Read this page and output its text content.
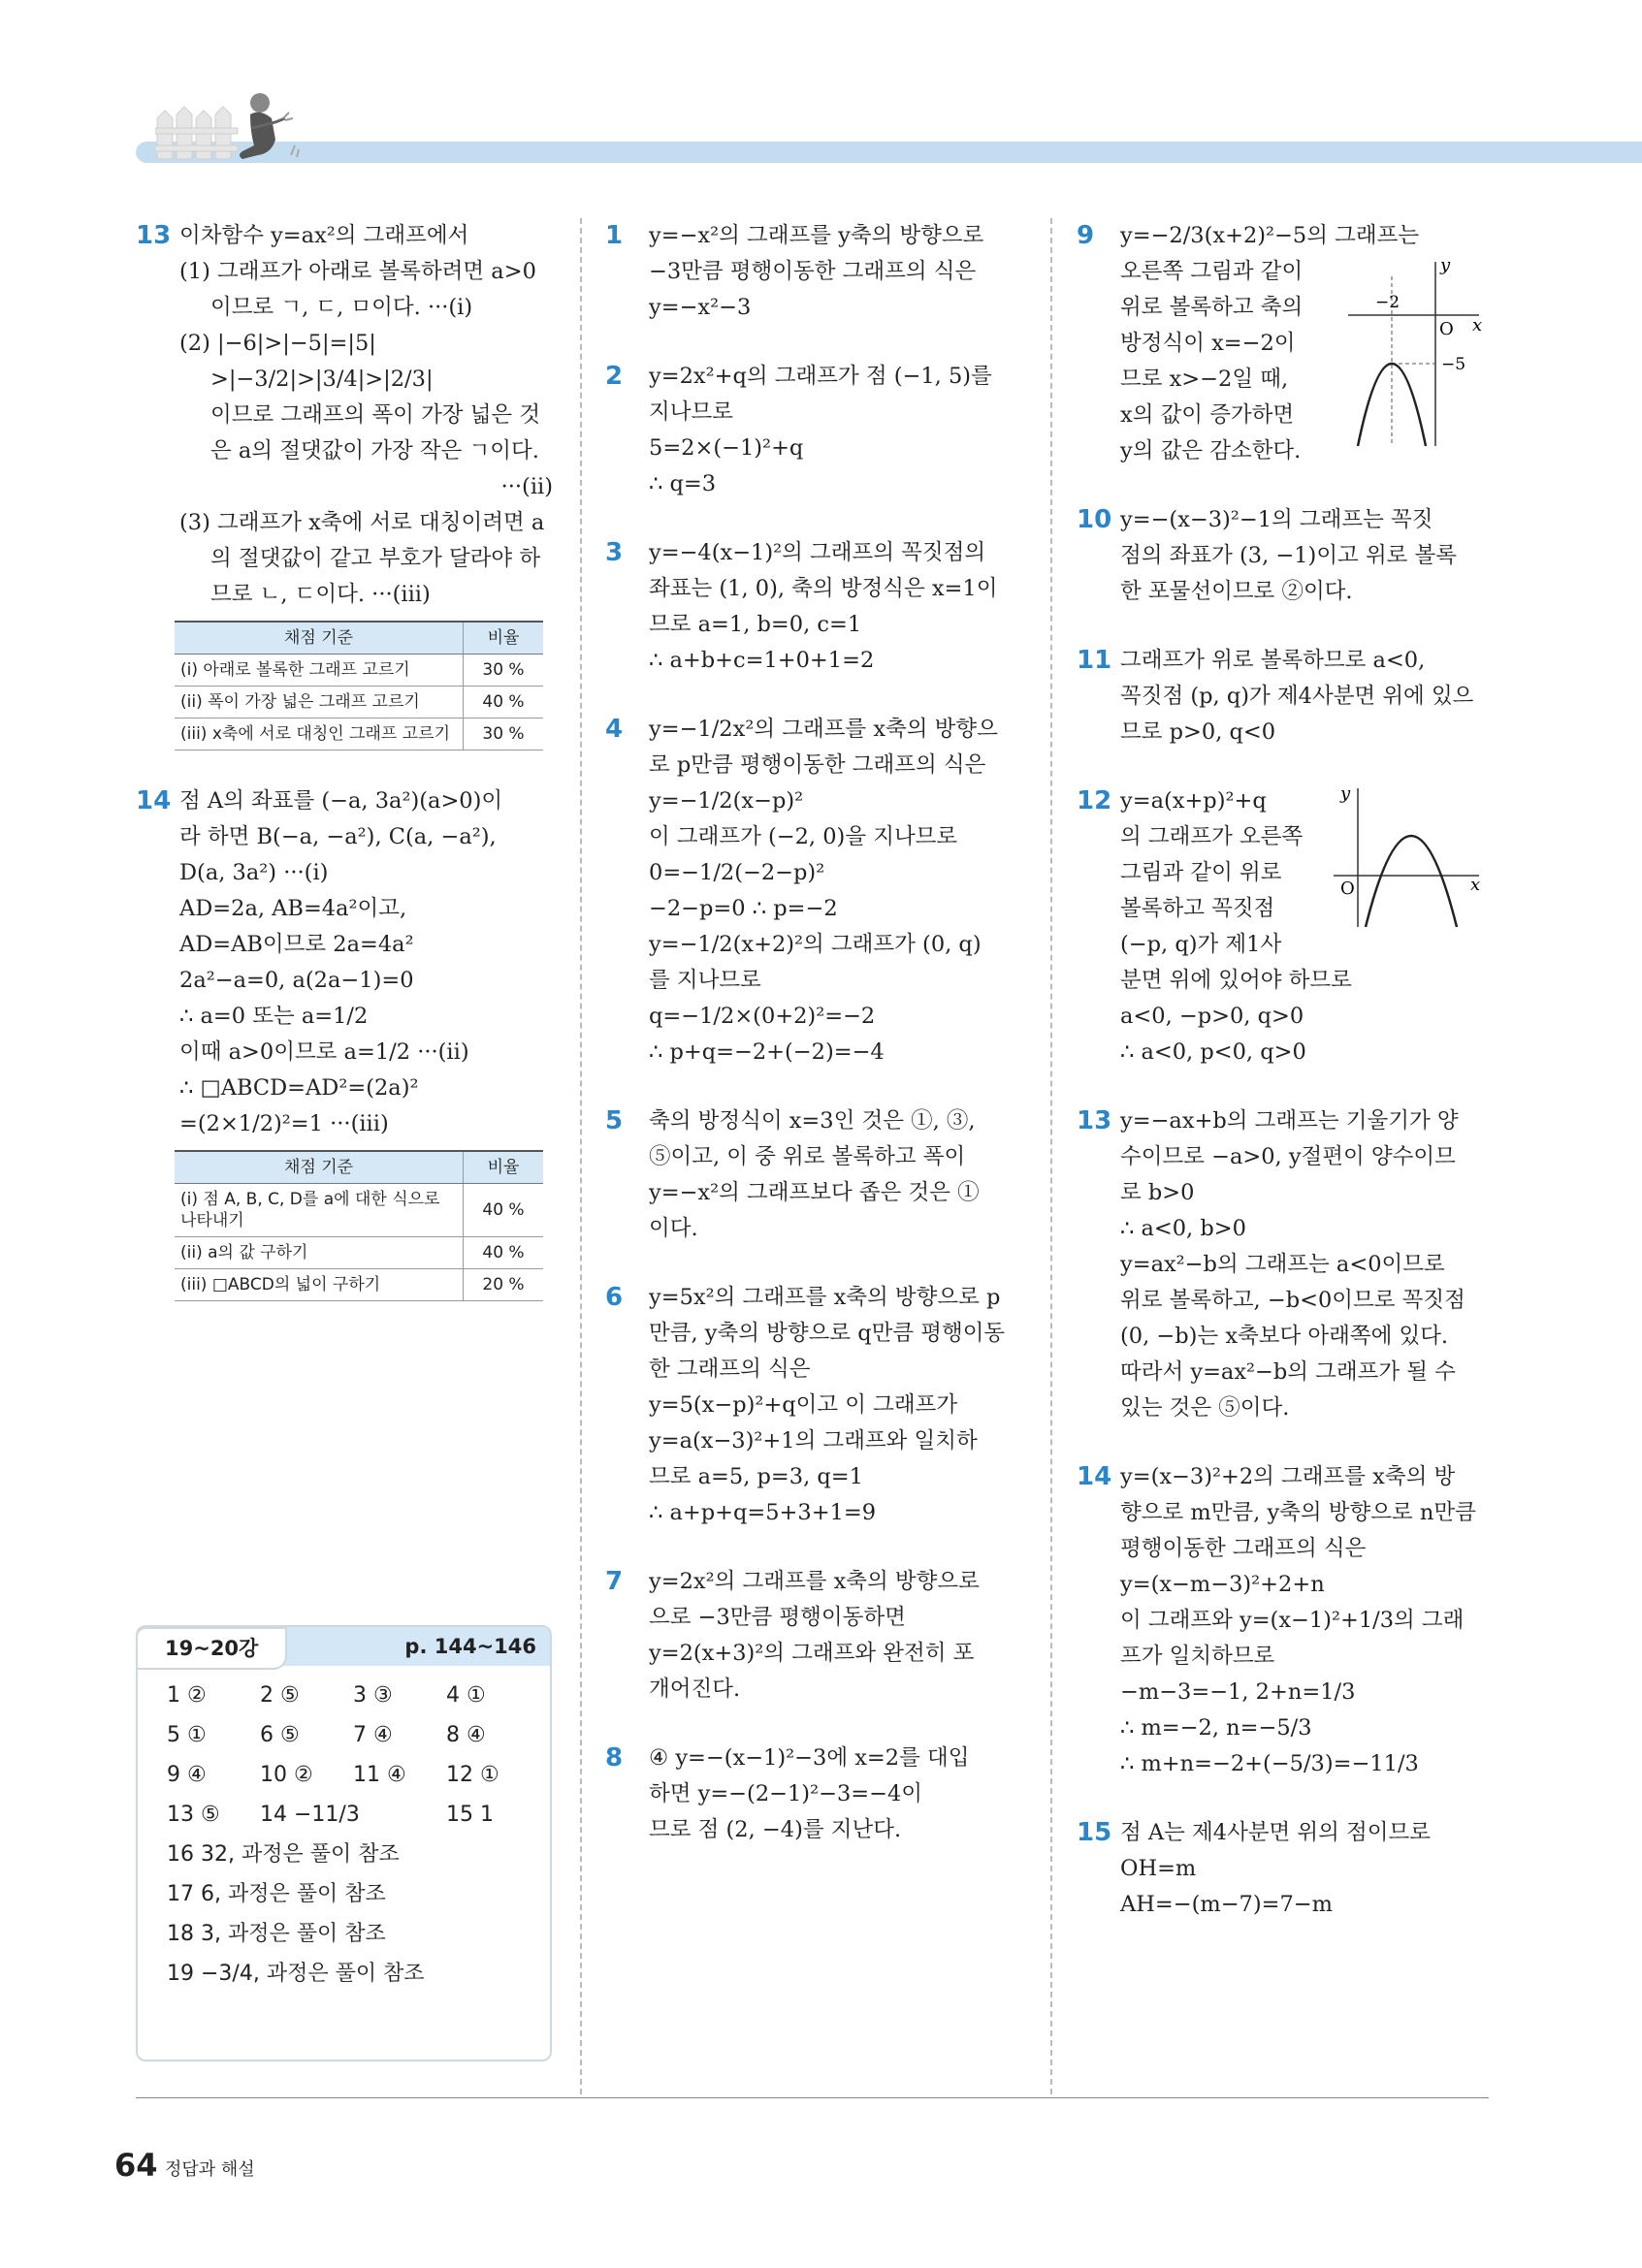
13 이차함수 y=ax²의 그래프에서
(1) 그래프가 아래로 볼록하려면 a>0
이므로 ㄱ, ㄷ, ㅁ이다. ···(i)
(2) |−6|>|−5|=|5|
>|−3/2|>|3/4|>|2/3|
이므로 그래프의 폭이 가장 넓은 것
은 a의 절댓값이 가장 작은 ㄱ이다.
···(ii)
(3) 그래프가 x축에 서로 대칭이려면 a
의 절댓값이 같고 부호가 달라야 하
므로 ㄴ, ㄷ이다. ···(iii)
채점 기준	비율
(i) 아래로 볼록한 그래프 고르기	30 %
(ii) 폭이 가장 넓은 그래프 고르기	40 %
(iii) x축에 서로 대칭인 그래프 고르기	30 %
14 점 A의 좌표를 (−a, 3a²)(a>0)이
라 하면 B(−a, −a²), C(a, −a²),
D(a, 3a²) ···(i)
AD=2a, AB=4a²이고,
AD=AB이므로 2a=4a²
2a²−a=0, a(2a−1)=0
∴ a=0 또는 a=1/2
이때 a>0이므로 a=1/2 ···(ii)
∴ □ABCD=AD²=(2a)²
=(2×1/2)²=1 ···(iii)
채점 기준	비율
(i) 점 A, B, C, D를 a에 대한 식으로 나타내기	40 %
(ii) a의 값 구하기	40 %
(iii) □ABCD의 넓이 구하기	20 %
19~20강	p. 144~146
1 ②	2 ⑤	3 ③	4 ①
5 ①	6 ⑤	7 ④	8 ④
9 ④	10 ② 11 ④ 12 ①
13 ⑤ 14 −11/3	15 1
16 32, 과정은 풀이 참조
17 6, 과정은 풀이 참조
18 3, 과정은 풀이 참조
19 −3/4, 과정은 풀이 참조
1 y=−x²의 그래프를 y축의 방향으로
−3만큼 평행이동한 그래프의 식은
y=−x²−3
2 y=2x²+q의 그래프가 점 (−1, 5)를
지나므로
5=2×(−1)²+q
∴ q=3
3 y=−4(x−1)²의 그래프의 꼭짓점의
좌표는 (1, 0), 축의 방정식은 x=1이
므로 a=1, b=0, c=1
∴ a+b+c=1+0+1=2
4 y=−1/2x²의 그래프를 x축의 방향으
로 p만큼 평행이동한 그래프의 식은
y=−1/2(x−p)²
이 그래프가 (−2, 0)을 지나므로
0=−1/2(−2−p)²
−2−p=0 ∴ p=−2
y=−1/2(x+2)²의 그래프가 (0, q)
를 지나므로
q=−1/2×(0+2)²=−2
∴ p+q=−2+(−2)=−4
5 축의 방정식이 x=3인 것은 ①, ③,
⑤이고, 이 중 위로 볼록하고 폭이
y=−x²의 그래프보다 좁은 것은 ①
이다.
6 y=5x²의 그래프를 x축의 방향으로 p
만큼, y축의 방향으로 q만큼 평행이동
한 그래프의 식은
y=5(x−p)²+q이고 이 그래프가
y=a(x−3)²+1의 그래프와 일치하
므로 a=5, p=3, q=1
∴ a+p+q=5+3+1=9
7 y=2x²의 그래프를 x축의 방향으로
으로 −3만큼 평행이동하면
y=2(x+3)²의 그래프와 완전히 포
개어진다.
8 ④ y=−(x−1)²−3에 x=2를 대입
하면 y=−(2−1)²−3=−4이
므로 점 (2, −4)를 지난다.
9 y=−2/3(x+2)²−5의 그래프는
오른쪽 그림과 같이
위로 볼록하고 축의
방정식이 x=−2이
므로 x>−2일 때,
x의 값이 증가하면
y의 값은 감소한다.
x
y
O
−2
−5
10 y=−(x−3)²−1의 그래프는 꼭짓
점의 좌표가 (3, −1)이고 위로 볼록
한 포물선이므로 ②이다.
11 그래프가 위로 볼록하므로 a<0,
꼭짓점 (p, q)가 제4사분면 위에 있으
므로 p>0, q<0
12 y=a(x+p)²+q
의 그래프가 오른쪽
그림과 같이 위로
볼록하고 꼭짓점
(−p, q)가 제1사
분면 위에 있어야 하므로
a<0, −p>0, q>0
∴ a<0, p<0, q>0
x
y
O
13 y=−ax+b의 그래프는 기울기가 양
수이므로 −a>0, y절편이 양수이므
로 b>0
∴ a<0, b>0
y=ax²−b의 그래프는 a<0이므로
위로 볼록하고, −b<0이므로 꼭짓점
(0, −b)는 x축보다 아래쪽에 있다.
따라서 y=ax²−b의 그래프가 될 수
있는 것은 ⑤이다.
14 y=(x−3)²+2의 그래프를 x축의 방
향으로 m만큼, y축의 방향으로 n만큼
평행이동한 그래프의 식은
y=(x−m−3)²+2+n
이 그래프와 y=(x−1)²+1/3의 그래
프가 일치하므로
−m−3=−1, 2+n=1/3
∴ m=−2, n=−5/3
∴ m+n=−2+(−5/3)=−11/3
15 점 A는 제4사분면 위의 점이므로
OH=m
AH=−(m−7)=7−m
64 정답과 해설
